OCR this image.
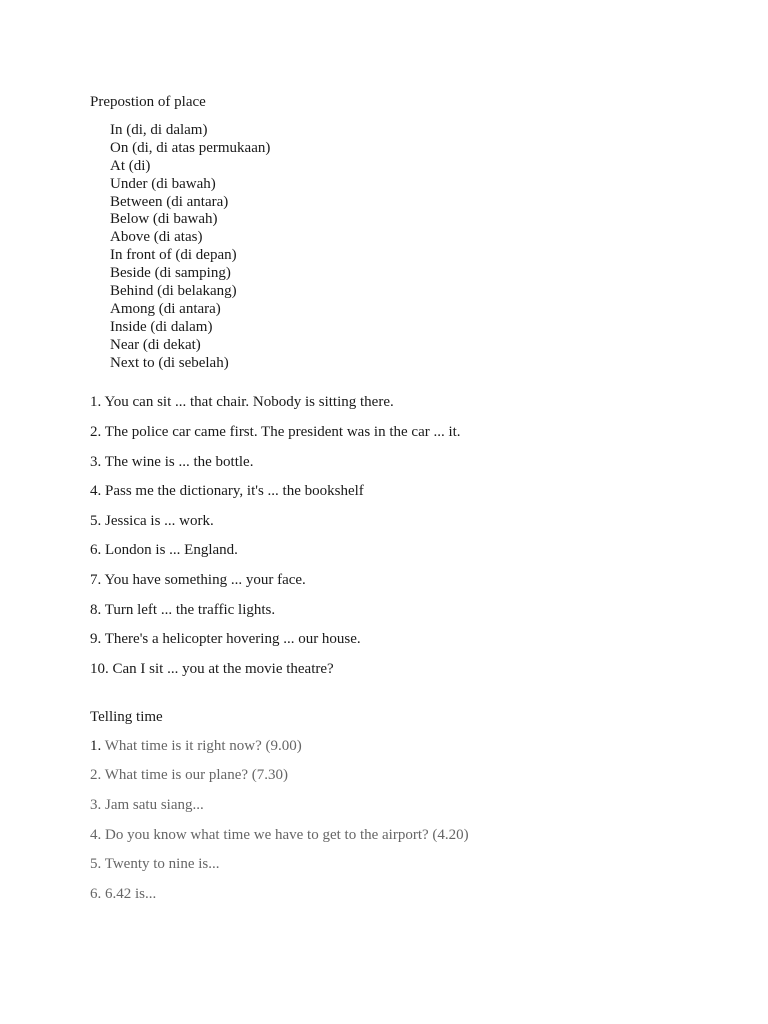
Prepostion of place

In (di, di dalam)
On (di, di atas permukaan)
At (di)
Under (di bawah)
Between (di antara)
Below (di bawah)
Above (di atas)
In front of (di depan)
Beside (di samping)
Behind (di belakang)
Among (di antara)
Inside (di dalam)
Near (di dekat)
Next to (di sebelah)
1. You can sit ... that chair. Nobody is sitting there.
2. The police car came first. The president was in the car ... it.
3. The wine is ... the bottle.
4. Pass me the dictionary, it's ... the bookshelf
5. Jessica is ... work.
6. London is ... England.
7. You have something ... your face.
8. Turn left ... the traffic lights.
9. There's a helicopter hovering ... our house.
10. Can I sit ... you at the movie theatre?

Telling time

1. What time is it right now? (9.00)
2. What time is our plane? (7.30)
3. Jam satu siang...
4. Do you know what time we have to get to the airport? (4.20)
5. Twenty to nine is...
6. 6.42 is...
